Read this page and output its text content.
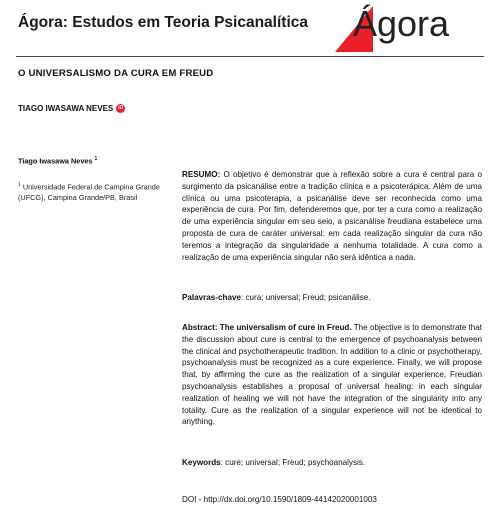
Ágora: Estudos em Teoria Psicanalítica Ágora
O UNIVERSALISMO DA CURA EM FREUD
TIAGO IWASAWA NEVES	iD
Tiago Iwasawa Neves $^1$
$^1$ Universidade Federal de Campina Grande (UFCG), Campina Grande/PB, Brasil
RESUMO: O objetivo é demonstrar que a reflexão sobre a cura é central para o surgimento da psicanálise entre a tradição clínica e a psicoterápica. Além de uma clínica ou uma psicoterapia, a psicanálise deve ser reconhecida como uma experiência de cura. Por fim, defenderemos que, por ter a cura como a realização de uma experiência singular em seu seio, a psicanálise freudiana estabelece uma proposta de cura de caráter universal: em cada realização singular da cura não teremos a integração da singularidade a nenhuma totalidade. A cura como a realização de uma experiência singular não será idêntica a nada.
Palavras-chave: cura; universal; Freud; psicanálise.
Abstract: The universalism of cure in Freud. The objective is to demonstrate that the discussion about cure is central to the emergence of psychoanalysis between the clinical and psychotherapeutic tradition. In addition to a clinic or psychotherapy, psychoanalysis must be recognized as a cure experience. Finally, we will propose that, by affirming the cure as the realization of a singular experience, Freudian psychoanalysis establishes a proposal of universal healing: in each singular realization of healing we will not have the integration of the singularity into any totality. Cure as the realization of a singular experience will not be identical to anything.
Keywords: cure; universal; Freud; psychoanalysis.
DOI - http://dx.doi.org/10.1590/1809-44142020001003
